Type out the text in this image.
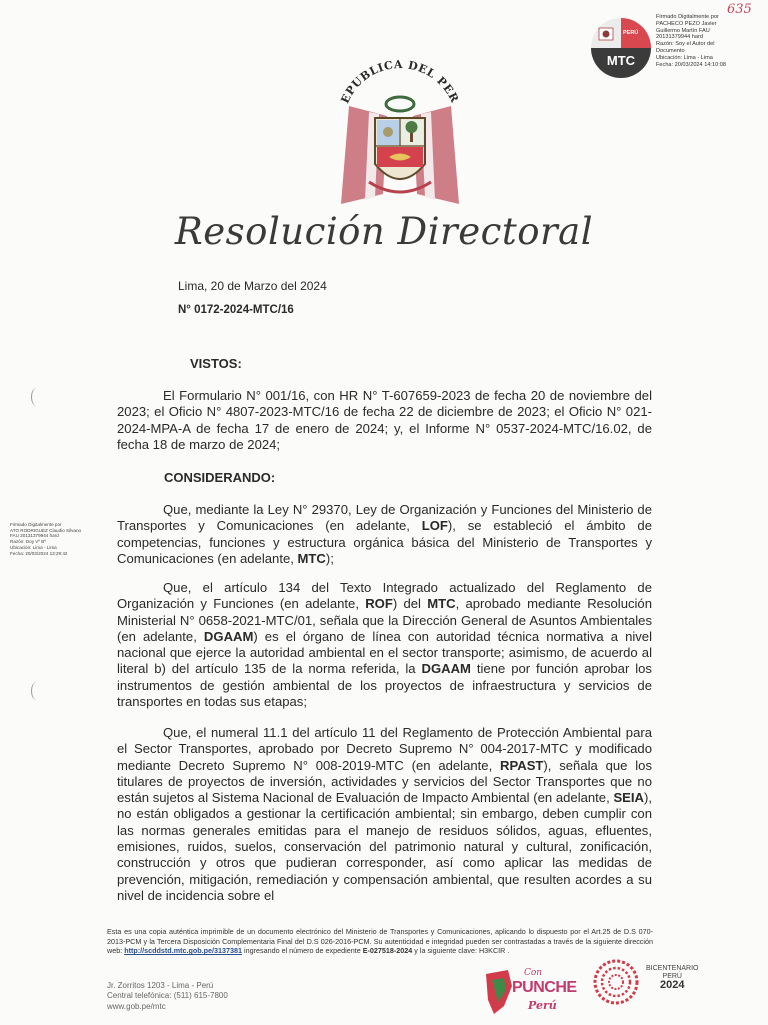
635
MTC
PERÚ
Firmado Digitalmente por
PACHECO PEZO Javier
Guillermo Martín FAU
20131379944 hard
Razón: Soy el Autor del
Documento
Ubicación: Lima - Lima
Fecha: 20/03/2024 14:10:08
EPUBLICA DEL PER
Resolución Directoral
Lima, 20 de Marzo del 2024
N° 0172-2024-MTC/16
Firmado Digitalmente por
ATO RODRIGUEZ Claudio Silvano
FAU 20131379944 hard
Razón: Doy Vº Bº
Ubicación: Lima - Lima
Fecha: 20/03/2024 13:29:42
VISTOS:
El Formulario N° 001/16, con HR N° T-607659-2023 de fecha 20 de noviembre del 2023; el Oficio N° 4807-2023-MTC/16 de fecha 22 de diciembre de 2023; el Oficio N° 021-2024-MPA-A de fecha 17 de enero de 2024; y, el Informe N° 0537-2024-MTC/16.02, de fecha 18 de marzo de 2024;
CONSIDERANDO:
Que, mediante la Ley N° 29370, Ley de Organización y Funciones del Ministerio de Transportes y Comunicaciones (en adelante, LOF), se estableció el ámbito de competencias, funciones y estructura orgánica básica del Ministerio de Transportes y Comunicaciones (en adelante, MTC);
Que, el artículo 134 del Texto Integrado actualizado del Reglamento de Organización y Funciones (en adelante, ROF) del MTC, aprobado mediante Resolución Ministerial N° 0658-2021-MTC/01, señala que la Dirección General de Asuntos Ambientales (en adelante, DGAAM) es el órgano de línea con autoridad técnica normativa a nivel nacional que ejerce la autoridad ambiental en el sector transporte; asimismo, de acuerdo al literal b) del artículo 135 de la norma referida, la DGAAM tiene por función aprobar los instrumentos de gestión ambiental de los proyectos de infraestructura y servicios de transportes en todas sus etapas;
Que, el numeral 11.1 del artículo 11 del Reglamento de Protección Ambiental para el Sector Transportes, aprobado por Decreto Supremo N° 004-2017-MTC y modificado mediante Decreto Supremo N° 008-2019-MTC (en adelante, RPAST), señala que los titulares de proyectos de inversión, actividades y servicios del Sector Transportes que no están sujetos al Sistema Nacional de Evaluación de Impacto Ambiental (en adelante, SEIA), no están obligados a gestionar la certificación ambiental; sin embargo, deben cumplir con las normas generales emitidas para el manejo de residuos sólidos, aguas, efluentes, emisiones, ruidos, suelos, conservación del patrimonio natural y cultural, zonificación, construcción y otros que pudieran corresponder, así como aplicar las medidas de prevención, mitigación, remediación y compensación ambiental, que resulten acordes a su nivel de incidencia sobre el
Esta es una copia auténtica imprimible de un documento electrónico del Ministerio de Transportes y Comunicaciones, aplicando lo dispuesto por el Art.25 de D.S 070-2013-PCM y la Tercera Disposición Complementaria Final del D.S 026-2016-PCM. Su autenticidad e integridad pueden ser contrastadas a través de la siguiente dirección web: http://scddstd.mtc.gob.pe/3137381 ingresando el número de expediente E-027518-2024 y la siguiente clave: H3KCIR .
Jr. Zorritos 1203 - Lima - Perú
Central telefónica: (511) 615-7800
www.gob.pe/mtc
Con
PUNCHE
Perú
BICENTENARIO
PERÚ
2024
